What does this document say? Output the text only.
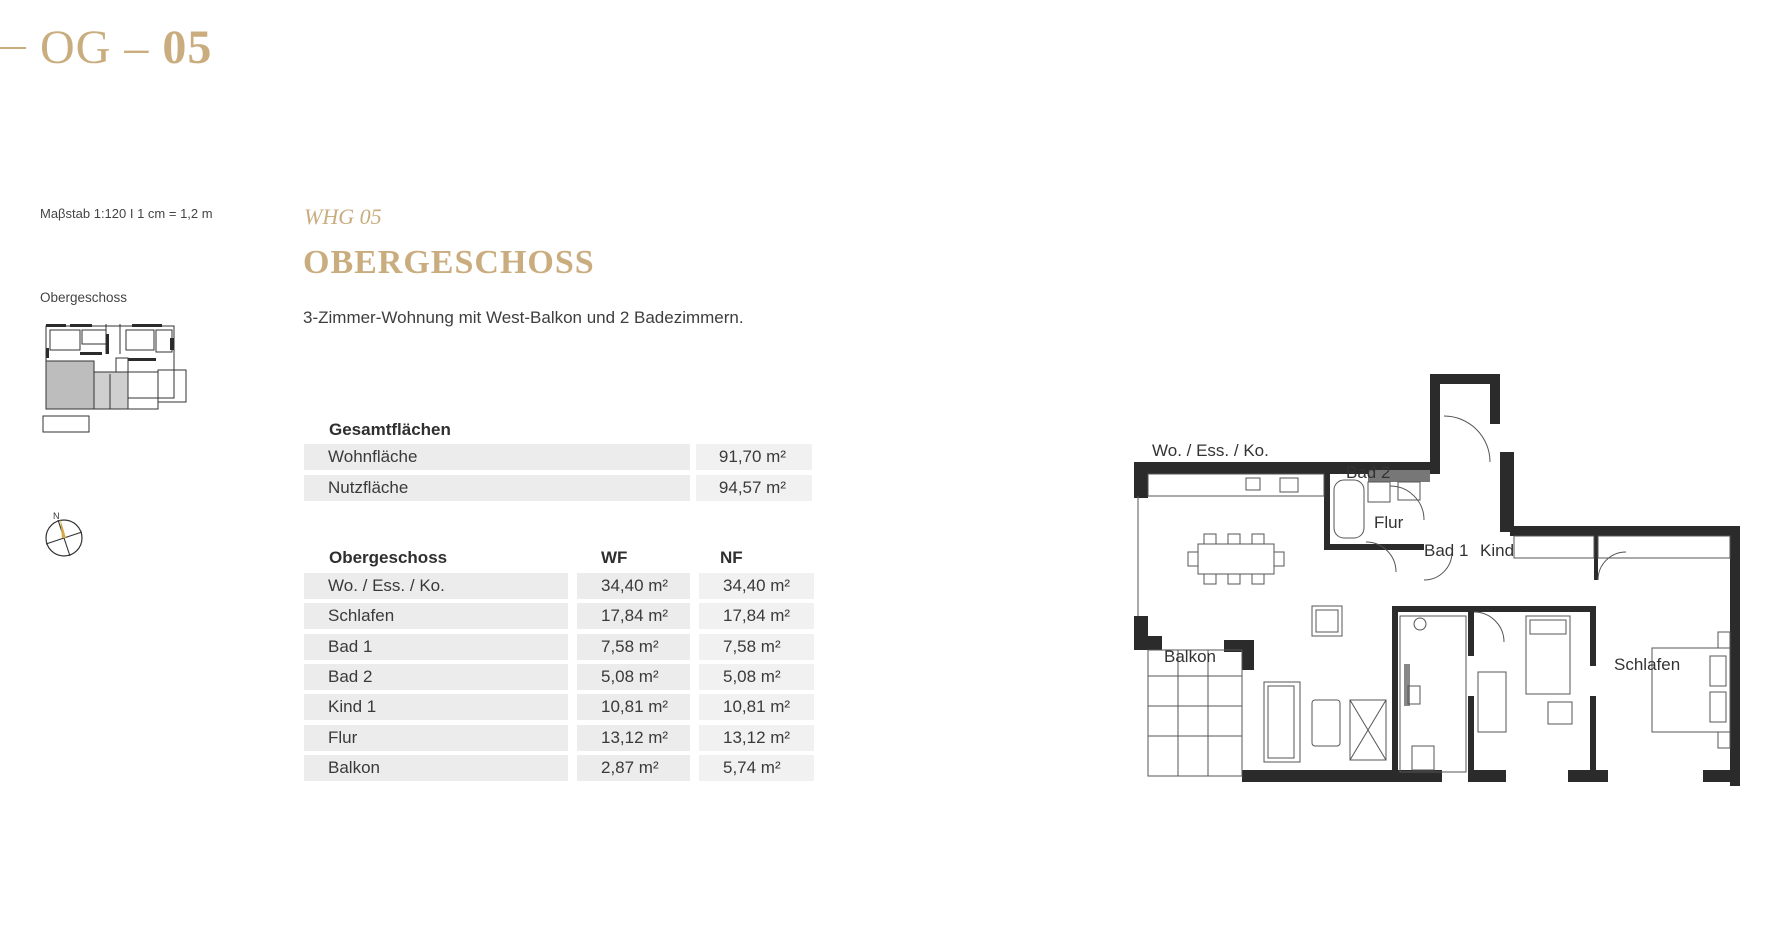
OG – 05
Maβstab 1:120 I 1 cm = 1,2 m
Obergeschoss
N
WHG 05
OBERGESCHOSS
3-Zimmer-Wohnung mit West-Balkon und 2 Badezimmern.
Gesamtflächen
Wohnfläche	91,70 m²
Nutzfläche	94,57 m²
Obergeschoss	WF	NF
Wo. / Ess. / Ko.	34,40 m²	34,40 m²
Schlafen	17,84 m²	17,84 m²
Bad 1	7,58 m²	7,58 m²
Bad 2	5,08 m²	5,08 m²
Kind 1	10,81 m²	10,81 m²
Flur	13,12 m²	13,12 m²
Balkon	2,87 m²	5,74 m²
Wo. / Ess. / Ko.
Bad 2
Flur
Bad 1 Kind
Balkon	Schlafen
